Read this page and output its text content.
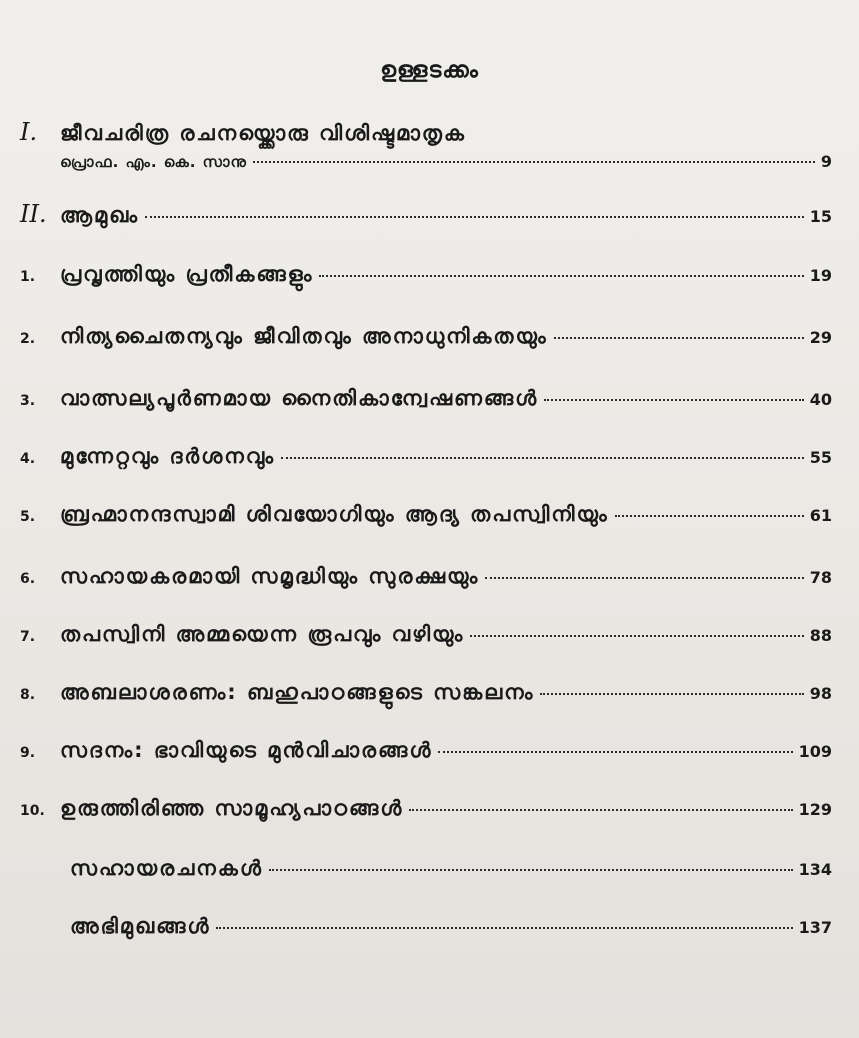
ഉള്ളടക്കം
I.	ജീവചരിത്ര രചനയ്ക്കൊരു വിശിഷ്ടമാതൃക
പ്രൊഫ. എം. കെ. സാനു	9
II. ആമുഖം	15
1.	പ്രവൃത്തിയും പ്രതീകങ്ങളും	19
2.	നിത്യചൈതന്യവും ജീവിതവും അനാധുനികതയും	29
3.	വാത്സല്യപൂർണമായ നൈതികാന്വേഷണങ്ങൾ	40
4.	മുന്നേറ്റവും ദർശനവും	55
5.	ബ്രഹ്മാനന്ദസ്വാമി ശിവയോഗിയും ആദ്യ തപസ്വിനിയും	61
6.	സഹായകരമായി സമൃദ്ധിയും സുരക്ഷയും	78
7.	തപസ്വിനി അമ്മയെന്ന രൂപവും വഴിയും	88
8.	അബലാശരണം: ബഹുപാഠങ്ങളുടെ സങ്കലനം	98
9.	സദനം: ഭാവിയുടെ മുൻവിചാരങ്ങൾ	109
10. ഉരുത്തിരിഞ്ഞ സാമൂഹ്യപാഠങ്ങൾ	129
സഹായരചനകൾ	134
അഭിമുഖങ്ങൾ	137
